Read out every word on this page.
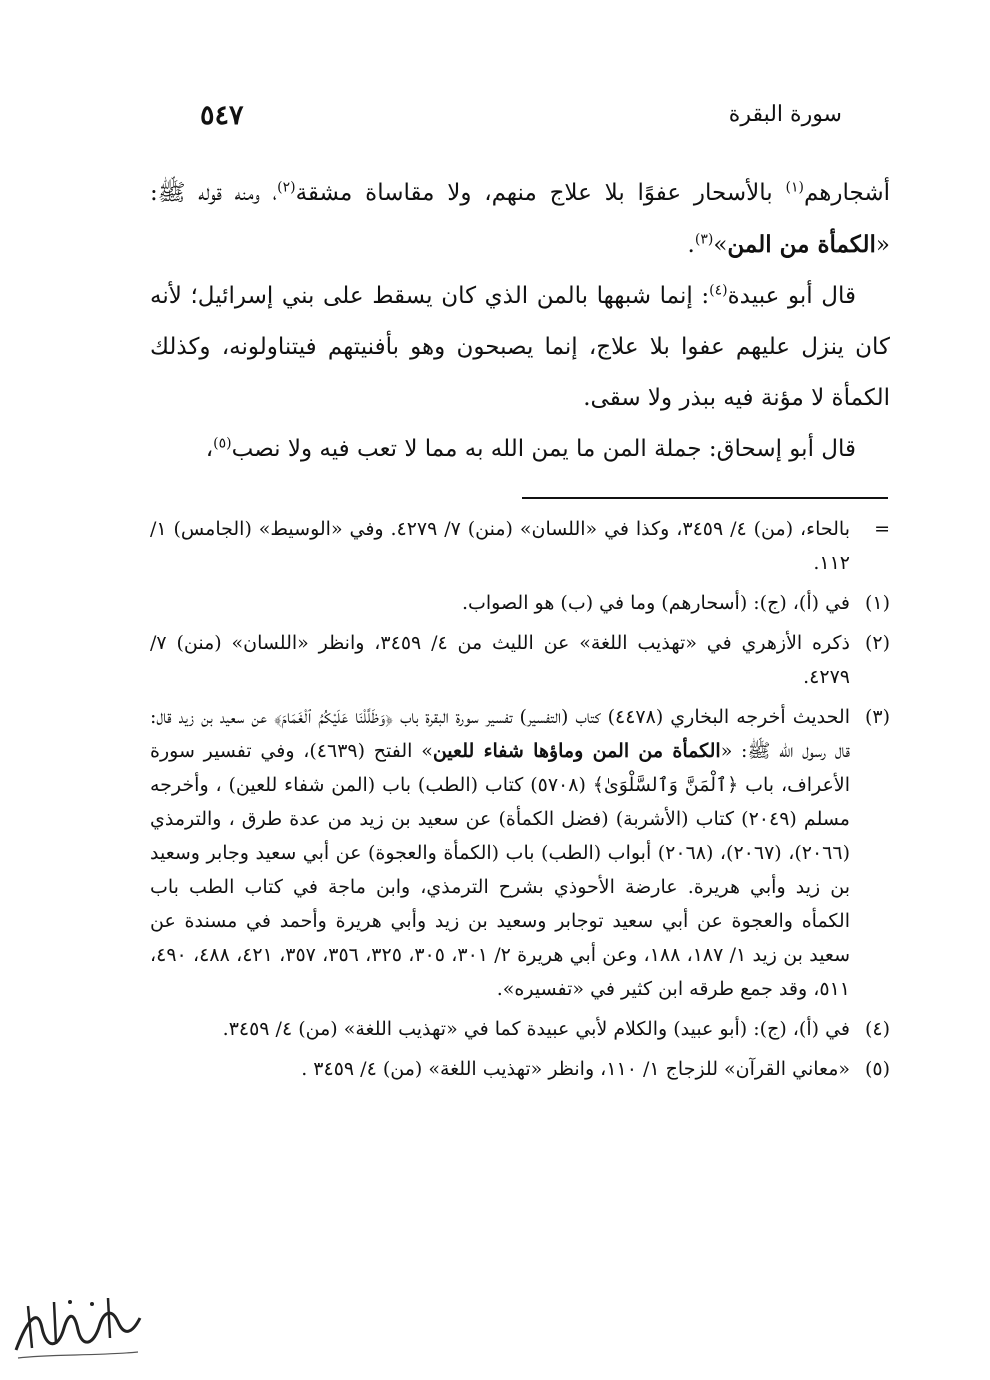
٥٤٧	سورة البقرة

أشجارهم$^{(١)}$ بالأسحار عفوًا بلا علاج منهم، ولا مقاساة مشقة$^{(٢)}$، ومنه قوله ﷺ: «الكمأة من المن»$^{(٣)}$.

قال أبو عبيدة$^{(٤)}$: إنما شبهها بالمن الذي كان يسقط على بني إسرائيل؛ لأنه كان ينزل عليهم عفوا بلا علاج، إنما يصبحون وهو بأفنيتهم فيتناولونه، وكذلك الكمأة لا مؤنة فيه ببذر ولا سقى.

قال أبو إسحاق: جملة المن ما يمن الله به مما لا تعب فيه ولا نصب$^{(٥)}$،

=
بالحاء، (من) ٤/ ٣٤٥٩، وكذا في «اللسان» (منن) ٧/ ٤٢٧٩. وفي «الوسيط» (الجامس) ١/ ١١٢.
(١)
في (أ)، (ج): (أسحارهم) وما في (ب) هو الصواب.
(٢)
ذكره الأزهري في «تهذيب اللغة» عن الليث من ٤/ ٣٤٥٩، وانظر «اللسان» (منن) ٧/ ٤٢٧٩.
(٣)
الحديث أخرجه البخاري (٤٤٧٨) كتاب (التفسير) تفسير سورة البقرة باب ﴿وَظَلَّلْنَا عَلَيْكُمُ ٱلْغَمَامَ﴾ عن سعيد بن زيد قال: قال رسول الله ﷺ: «الكمأة من المن وماؤها شفاء للعين» الفتح (٤٦٣٩)، وفي تفسير سورة الأعراف، باب ﴿ٱلْمَنَّ وَٱلسَّلْوَىٰ﴾ (٥٧٠٨) كتاب (الطب) باب (المن شفاء للعين) ، وأخرجه مسلم (٢٠٤٩) كتاب (الأشربة) (فضل الكمأة) عن سعيد بن زيد من عدة طرق ، والترمذي (٢٠٦٦)، (٢٠٦٧)، (٢٠٦٨) أبواب (الطب) باب (الكمأة والعجوة) عن أبي سعيد وجابر وسعيد بن زيد وأبي هريرة. عارضة الأحوذي بشرح الترمذي، وابن ماجة في كتاب الطب باب الكمأه والعجوة عن أبي سعيد توجابر وسعيد بن زيد وأبي هريرة وأحمد في مسندة عن سعيد بن زيد ١/ ١٨٧، ١٨٨، وعن أبي هريرة ٢/ ٣٠١، ٣٠٥، ٣٢٥، ٣٥٦، ٣٥٧، ٤٢١، ٤٨٨، ٤٩٠، ٥١١، وقد جمع طرقه ابن كثير في «تفسيره».
(٤)
في (أ)، (ج): (أبو عبيد) والكلام لأبي عبيدة كما في «تهذيب اللغة» (من) ٤/ ٣٤٥٩.
(٥)
«معاني القرآن» للزجاج ١/ ١١٠، وانظر «تهذيب اللغة» (من) ٤/ ٣٤٥٩ .
